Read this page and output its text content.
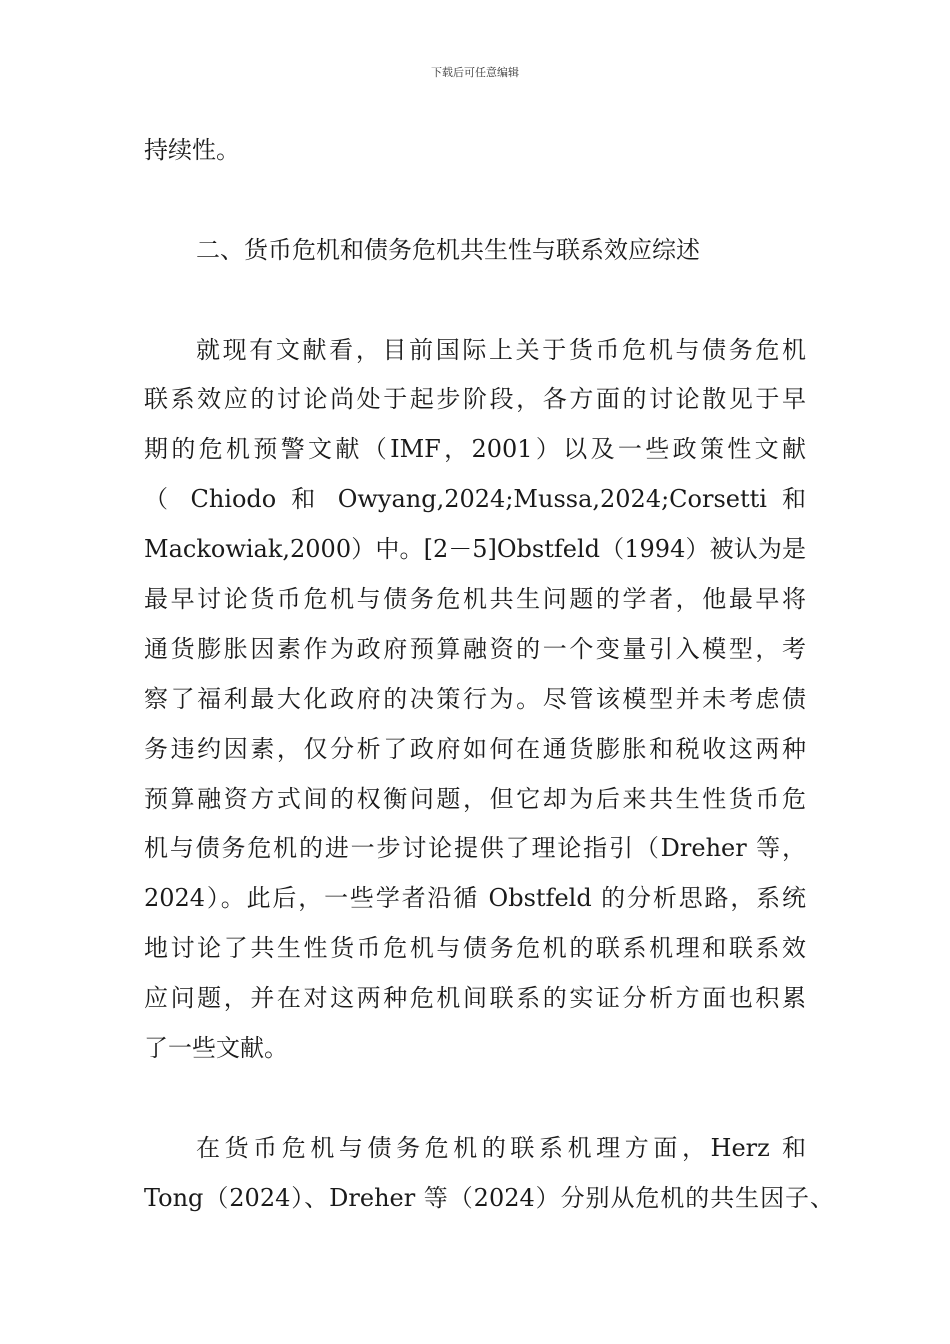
下载后可任意编辑
持续性。
二、货币危机和债务危机共生性与联系效应综述
就现有文献看，目前国际上关于货币危机与债务危机
联系效应的讨论尚处于起步阶段，各方面的讨论散见于早
期的危机预警文献（IMF，2001）以及一些政策性文献
（ Chiodo 和 Owyang,2024;Mussa,2024;Corsetti 和
Mackowiak,2000）中。[2－5]Obstfeld（1994）被认为是
最早讨论货币危机与债务危机共生问题的学者，他最早将
通货膨胀因素作为政府预算融资的一个变量引入模型，考
察了福利最大化政府的决策行为。尽管该模型并未考虑债
务违约因素，仅分析了政府如何在通货膨胀和税收这两种
预算融资方式间的权衡问题，但它却为后来共生性货币危
机与债务危机的进一步讨论提供了理论指引（Dreher 等，
2024）。此后，一些学者沿循 Obstfeld 的分析思路，系统
地讨论了共生性货币危机与债务危机的联系机理和联系效
应问题，并在对这两种危机间联系的实证分析方面也积累
了一些文献。
在货币危机与债务危机的联系机理方面，Herz 和
Tong（2024）、Dreher 等（2024）分别从危机的共生因子、
